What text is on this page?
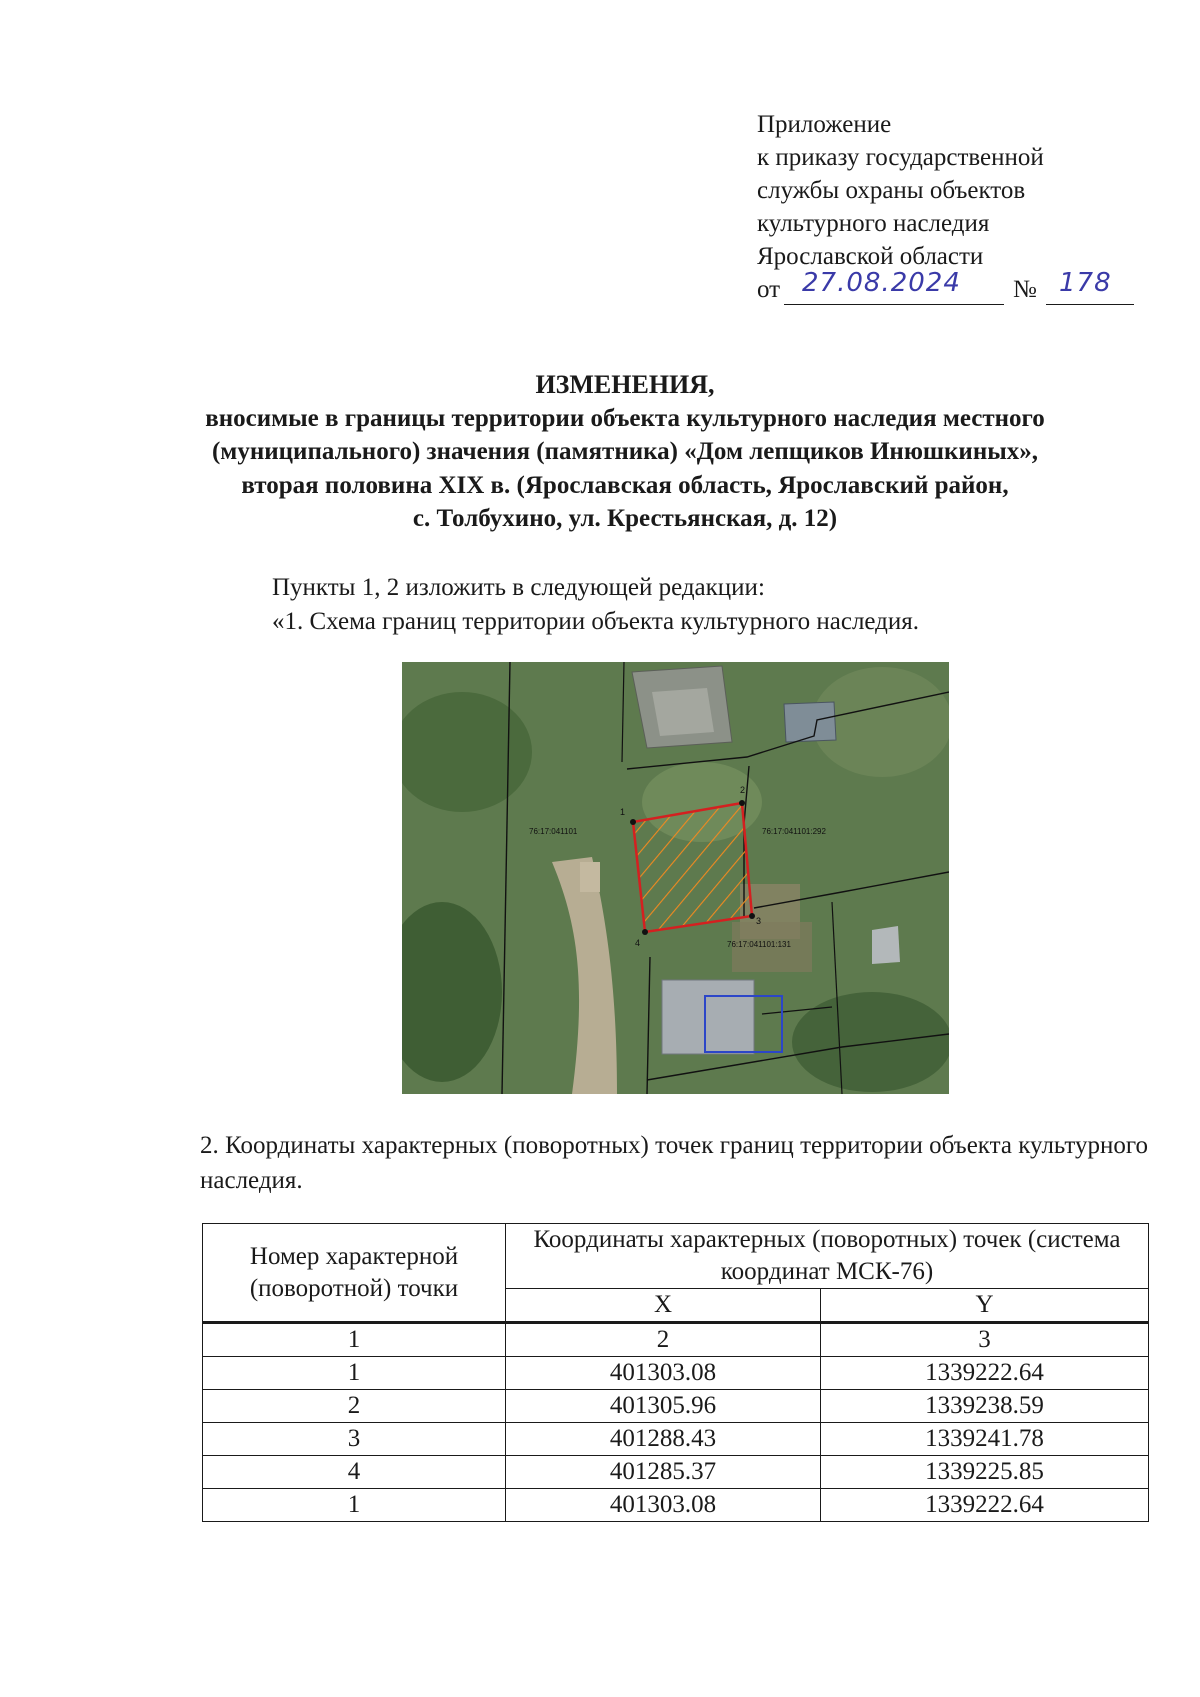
Приложение
к приказу государственной
службы охраны объектов
культурного наследия
Ярославской области
от 27.08.2024 № 178
ИЗМЕНЕНИЯ,
вносимые в границы территории объекта культурного наследия местного
(муниципального) значения (памятника) «Дом лепщиков Инюшкиных»,
вторая половина XIX в. (Ярославская область, Ярославский район,
с. Толбухино, ул. Крестьянская, д. 12)
Пункты 1, 2 изложить в следующей редакции:
«1. Схема границ территории объекта культурного наследия.
1
2
3
4
76:17:041101	76:17:041101:292
76:17:041101:131
2. Координаты характерных (поворотных) точек границ территории объекта культурного наследия.
Номер характерной (поворотной) точки	Координаты характерных (поворотных) точек (система координат МСК-76)	
	X	Y
1	2	3
1	401303.08	1339222.64
2	401305.96	1339238.59
3	401288.43	1339241.78
4	401285.37	1339225.85
1	401303.08	1339222.64
